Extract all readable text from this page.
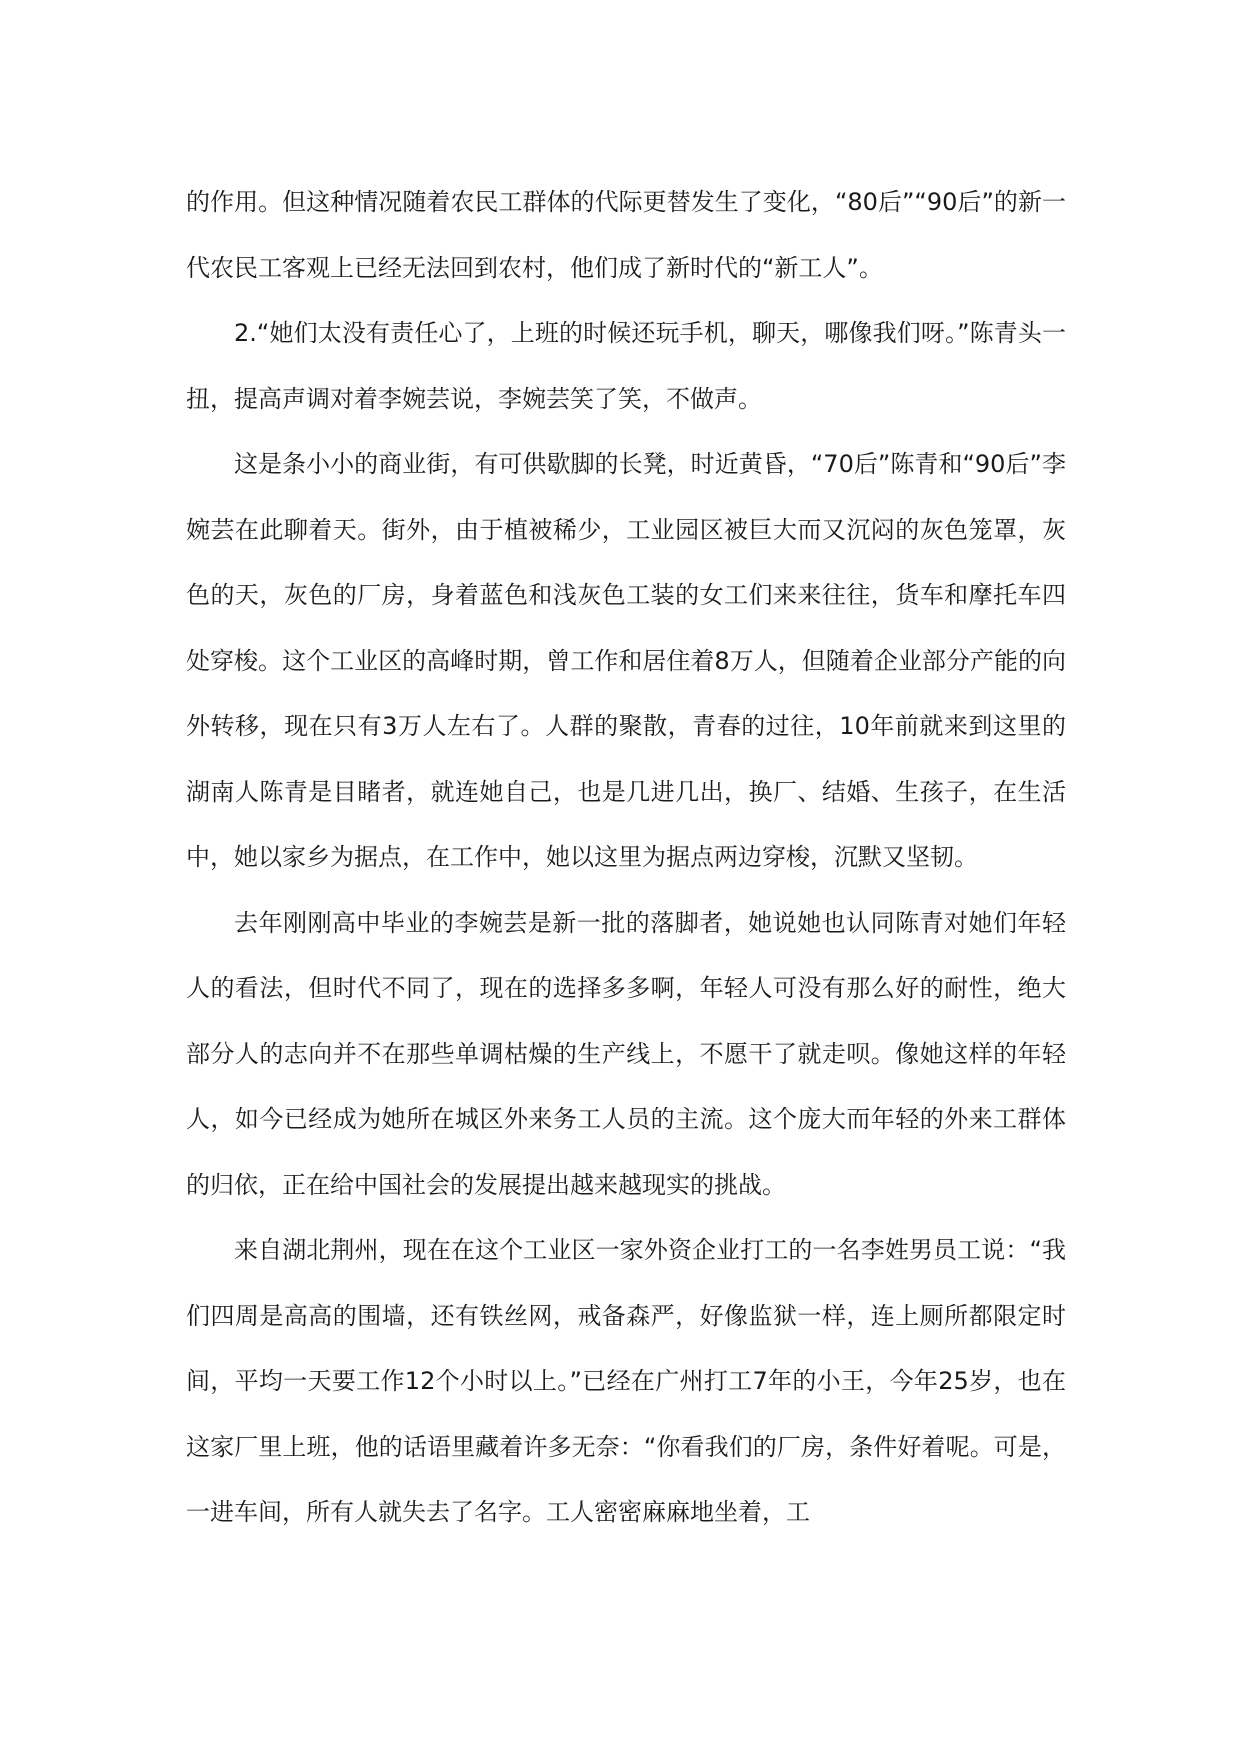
的作用。但这种情况随着农民工群体的代际更替发生了变化，“80后”“90后”的新一代农民工客观上已经无法回到农村，他们成了新时代的“新工人”。

2.“她们太没有责任心了，上班的时候还玩手机，聊天，哪像我们呀。”陈青头一扭，提高声调对着李婉芸说，李婉芸笑了笑，不做声。

这是条小小的商业街，有可供歇脚的长凳，时近黄昏，“70后”陈青和“90后”李婉芸在此聊着天。街外，由于植被稀少，工业园区被巨大而又沉闷的灰色笼罩，灰色的天，灰色的厂房，身着蓝色和浅灰色工装的女工们来来往往，货车和摩托车四处穿梭。这个工业区的高峰时期，曾工作和居住着8万人，但随着企业部分产能的向外转移，现在只有3万人左右了。人群的聚散，青春的过往，10年前就来到这里的湖南人陈青是目睹者，就连她自己，也是几进几出，换厂、结婚、生孩子，在生活中，她以家乡为据点，在工作中，她以这里为据点两边穿梭，沉默又坚韧。

去年刚刚高中毕业的李婉芸是新一批的落脚者，她说她也认同陈青对她们年轻人的看法，但时代不同了，现在的选择多多啊，年轻人可没有那么好的耐性，绝大部分人的志向并不在那些单调枯燥的生产线上，不愿干了就走呗。像她这样的年轻人，如今已经成为她所在城区外来务工人员的主流。这个庞大而年轻的外来工群体的归依，正在给中国社会的发展提出越来越现实的挑战。

来自湖北荆州，现在在这个工业区一家外资企业打工的一名李姓男员工说：“我们四周是高高的围墙，还有铁丝网，戒备森严，好像监狱一样，连上厕所都限定时间，平均一天要工作12个小时以上。”已经在广州打工7年的小王，今年25岁，也在这家厂里上班，他的话语里藏着许多无奈：“你看我们的厂房，条件好着呢。可是，一进车间，所有人就失去了名字。工人密密麻麻地坐着，工
